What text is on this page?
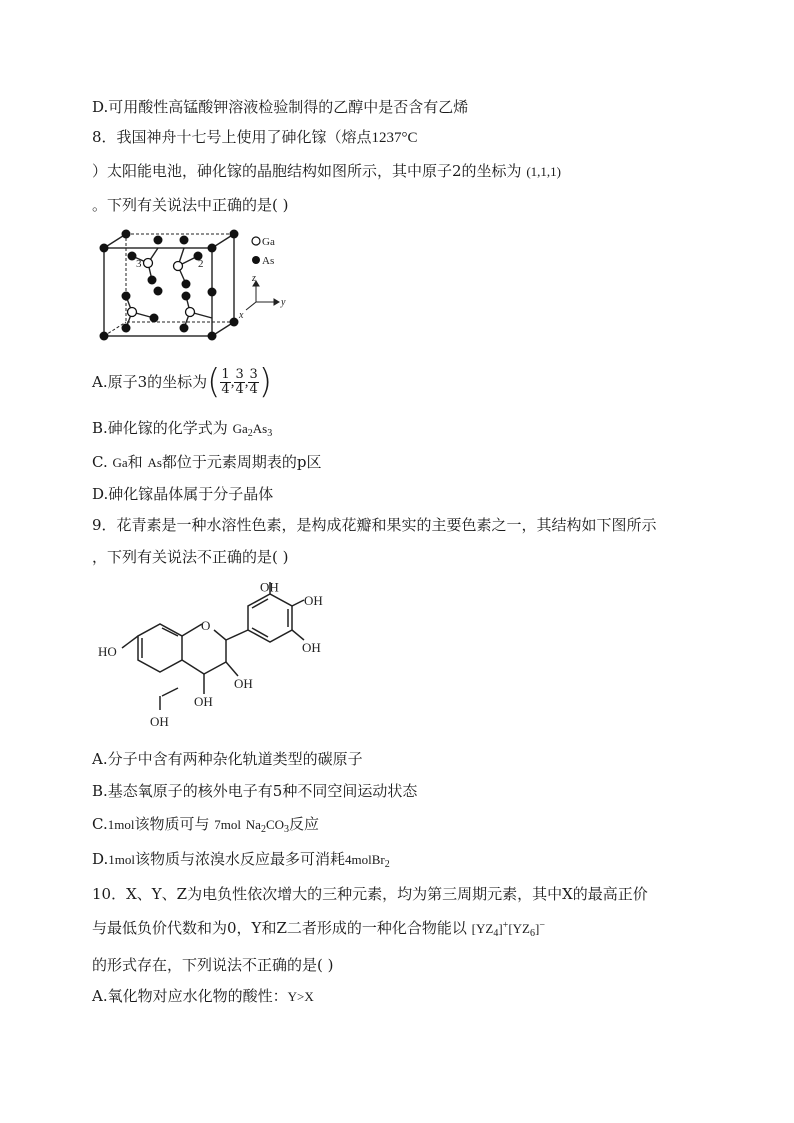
D.可用酸性高锰酸钾溶液检验制得的乙醇中是否含有乙烯
8．我国神舟十七号上使用了砷化镓（熔点1237°C
）太阳能电池，砷化镓的晶胞结构如图所示，其中原子2的坐标为 (1,1,1)
。下列有关说法中正确的是( )
3	2
Ga
As
z
y
x
A.原子3的坐标为( $\frac{1}{4}$ , $\frac{3}{4}$ , $\frac{3}{4}$ )
B.砷化镓的化学式为 $Ga_2As_3$
C. Ga和 As都位于元素周期表的p区
D.砷化镓晶体属于分子晶体
9．花青素是一种水溶性色素，是构成花瓣和果实的主要色素之一，其结构如下图所示
，下列有关说法不正确的是( )
HO
O
OH
OH
OH
OH
OH
OH
A.分子中含有两种杂化轨道类型的碳原子
B.基态氧原子的核外电子有5种不同空间运动状态
C.1mol该物质可与 7mol $Na_2CO_3$反应
D.1mol该物质与浓溴水反应最多可消耗4molBr$_2$
10．X、Y、Z为电负性依次增大的三种元素，均为第三周期元素，其中X的最高正价
与最低负价代数和为0，Y和Z二者形成的一种化合物能以 $[YZ_4]^+[YZ_6]^-$
的形式存在，下列说法不正确的是( )
A.氧化物对应水化物的酸性：Y>X
